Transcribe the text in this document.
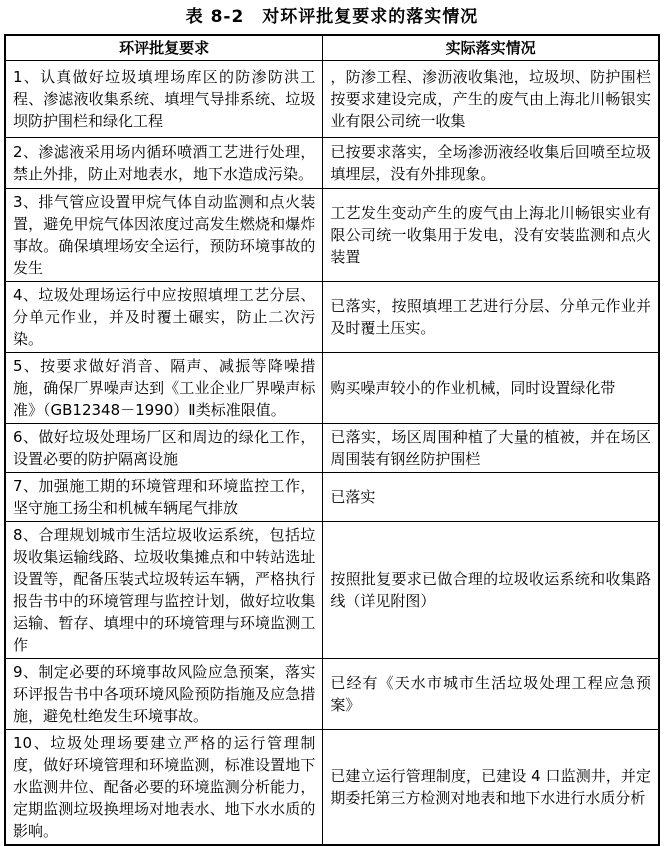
表 8-2　对环评批复要求的落实情况
环评批复要求	实际落实情况
1、认真做好垃圾填埋场库区的防渗防洪工程、渗滤液收集系统、填埋气导排系统、垃圾坝防护围栏和绿化工程	，防渗工程、渗沥液收集池，垃圾坝、防护围栏按要求建设完成，产生的废气由上海北川畅银实业有限公司统一收集
2、渗滤液采用场内循环喷酒工艺进行处理，禁止外排，防止对地表水，地下水造成污染。	已按要求落实，全场渗沥液经收集后回喷至垃圾填埋层，没有外排现象。
3、排气管应设置甲烷气体自动监测和点火装置，避免甲烷气体因浓度过高发生燃烧和爆炸事故。确保填埋场安全运行，预防环境事故的发生	工艺发生变动产生的废气由上海北川畅银实业有限公司统一收集用于发电，没有安装监测和点火装置
4、垃圾处理场运行中应按照填埋工艺分层、分单元作业，并及时覆土碾实，防止二次污染。	已落实，按照填埋工艺进行分层、分单元作业并及时覆土压实。
5、按要求做好消音、隔声、减振等降噪措施，确保厂界噪声达到《工业企业厂界噪声标准》（GB12348－1990）Ⅱ类标准限值。	购买噪声较小的作业机械，同时设置绿化带
6、做好垃圾处理场厂区和周边的绿化工作，设置必要的防护隔离设施	已落实，场区周围种植了大量的植被，并在场区周围装有钢丝防护围栏
7、加强施工期的环境管理和环境监控工作，坚守施工扬尘和机械车辆尾气排放	已落实
8、合理规划城市生活垃圾收运系统，包括垃圾收集运输线路、垃圾收集摊点和中转站选址设置等，配备压装式垃圾转运车辆，严格执行报告书中的环境管理与监控计划，做好垃收集运输、暂存、填埋中的环境管理与环境监测工作	按照批复要求已做合理的垃圾收运系统和收集路线（详见附图）
9、制定必要的环境事故风险应急预案，落实环评报告书中各项环境风险预防指施及应急措施，避免杜绝发生环境事故。	已经有《天水市城市生活垃圾处理工程应急预案》
10、垃圾处理场要建立严格的运行管理制度，做好环境管理和环境监测，标准设置地下水监测井位、配备必要的环境监测分析能力，定期监测垃圾换埋场对地表水、地下水水质的影响。	已建立运行管理制度，已建设 4 口监测井，并定期委托第三方检测对地表和地下水进行水质分析
